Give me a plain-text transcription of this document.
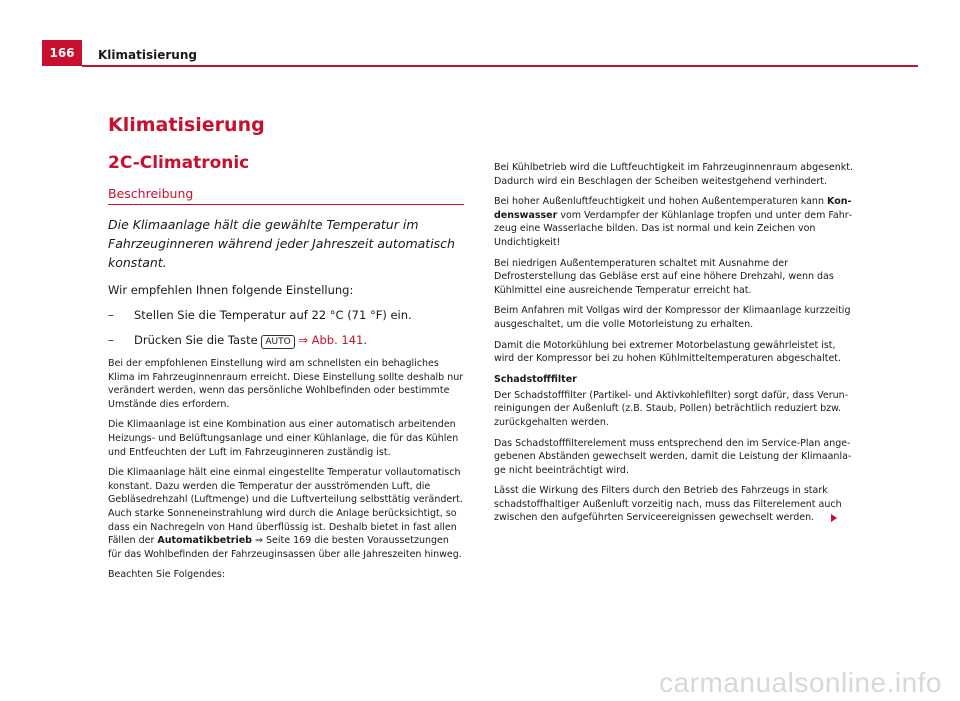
166	Klimatisierung
Klimatisierung
2C-Climatronic
Beschreibung

Die Klimaanlage hält die gewählte Temperatur im Fahrzeuginneren während jeder Jahreszeit automatisch konstant.

Wir empfehlen Ihnen folgende Einstellung:

–	Stellen Sie die Temperatur auf 22 °C (71 °F) ein.
–	Drücken Sie die Taste AUTO ⇒ Abb. 141.

Bei der empfohlenen Einstellung wird am schnellsten ein behagliches Klima im Fahrzeuginnenraum erreicht. Diese Einstellung sollte deshalb nur verändert werden, wenn das persönliche Wohlbefinden oder bestimmte Umstände dies erfordern.

Die Klimaanlage ist eine Kombination aus einer automatisch arbeitenden Heizungs- und Belüftungsanlage und einer Kühlanlage, die für das Kühlen und Entfeuchten der Luft im Fahrzeuginneren zuständig ist.

Die Klimaanlage hält eine einmal eingestellte Temperatur vollautomatisch konstant. Dazu werden die Temperatur der ausströmenden Luft, die Gebläsedrehzahl (Luftmenge) und die Luftverteilung selbsttätig verändert. Auch starke Sonneneinstrahlung wird durch die Anlage berücksichtigt, so dass ein Nachregeln von Hand überflüssig ist. Deshalb bietet in fast allen Fällen der Automatikbetrieb ⇒ Seite 169 die besten Voraussetzungen für das Wohlbefinden der Fahrzeuginsassen über alle Jahreszeiten hinweg.

Beachten Sie Folgendes:

Bei Kühlbetrieb wird die Luftfeuchtigkeit im Fahrzeuginnenraum abgesenkt. Dadurch wird ein Beschlagen der Scheiben weitestgehend verhindert.

Bei hoher Außenluftfeuchtigkeit und hohen Außentemperaturen kann Kondenswasser vom Verdampfer der Kühlanlage tropfen und unter dem Fahrzeug eine Wasserlache bilden. Das ist normal und kein Zeichen von Undichtigkeit!

Bei niedrigen Außentemperaturen schaltet mit Ausnahme der Defrosterstellung das Gebläse erst auf eine höhere Drehzahl, wenn das Kühlmittel eine ausreichende Temperatur erreicht hat.

Beim Anfahren mit Vollgas wird der Kompressor der Klimaanlage kurzzeitig ausgeschaltet, um die volle Motorleistung zu erhalten.

Damit die Motorkühlung bei extremer Motorbelastung gewährleistet ist, wird der Kompressor bei zu hohen Kühlmitteltemperaturen abgeschaltet.

Schadstofffilter

Der Schadstofffilter (Partikel- und Aktivkohlefilter) sorgt dafür, dass Verunreinigungen der Außenluft (z.B. Staub, Pollen) beträchtlich reduziert bzw. zurückgehalten werden.

Das Schadstofffilterelement muss entsprechend den im Service-Plan angegebenen Abständen gewechselt werden, damit die Leistung der Klimaanlage nicht beeinträchtigt wird.

Lässt die Wirkung des Filters durch den Betrieb des Fahrzeugs in stark schadstoffhaltiger Außenluft vorzeitig nach, muss das Filterelement auch zwischen den aufgeführten Serviceereignissen gewechselt werden.

carmanualsonline.info
